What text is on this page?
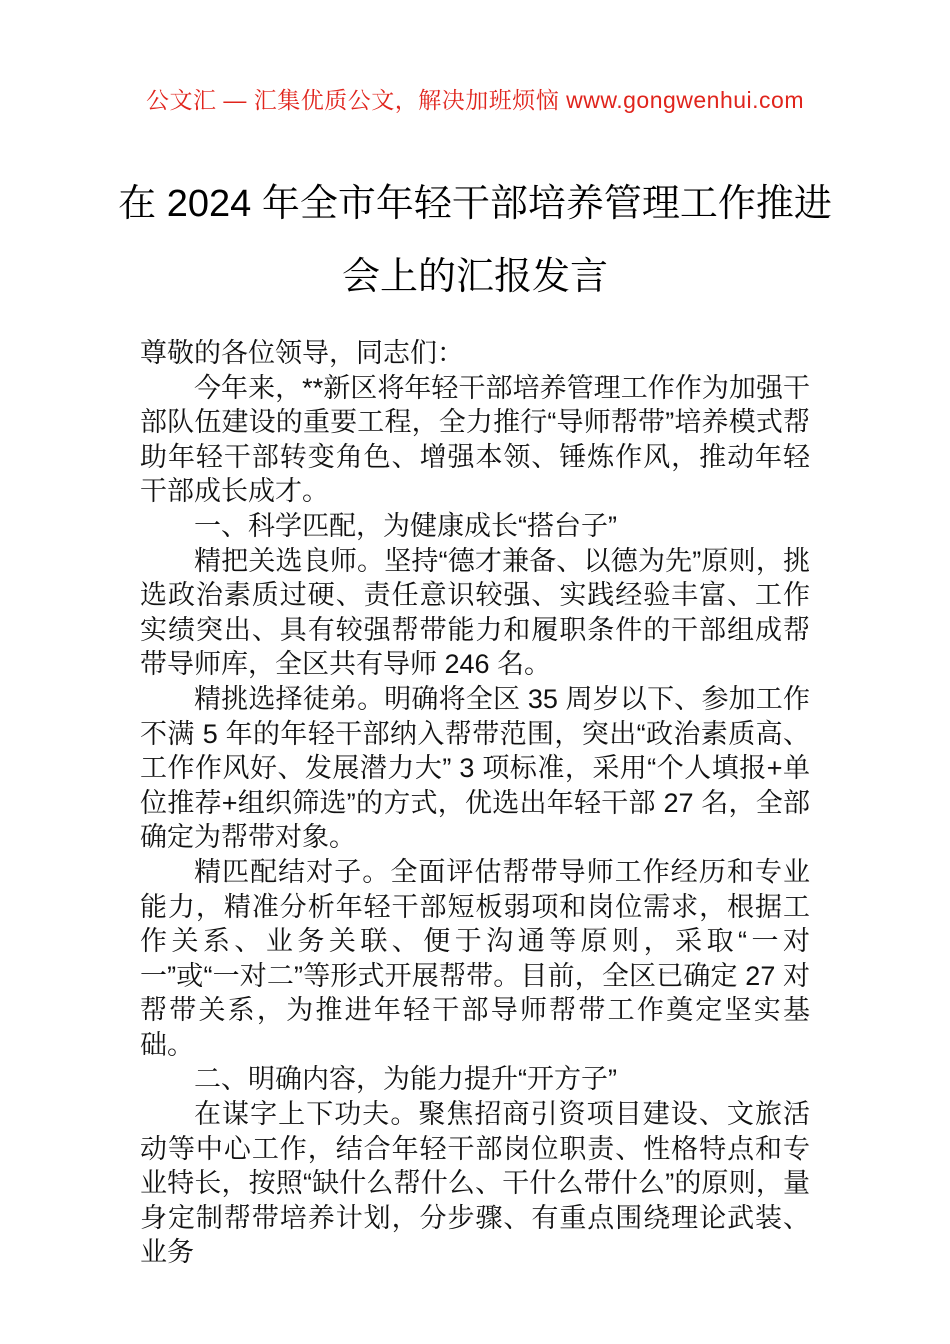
公文汇 — 汇集优质公文，解决加班烦恼 www.gongwenhui.com
在 2024 年全市年轻干部培养管理工作推进
会上的汇报发言

尊敬的各位领导，同志们：

今年来，**新区将年轻干部培养管理工作作为加强干部队伍建设的重要工程，全力推行“导师帮带”培养模式帮助年轻干部转变角色、增强本领、锤炼作风，推动年轻干部成长成才。

一、科学匹配，为健康成长“搭台子”

精把关选良师。坚持“德才兼备、以德为先”原则，挑选政治素质过硬、责任意识较强、实践经验丰富、工作实绩突出、具有较强帮带能力和履职条件的干部组成帮带导师库，全区共有导师 246 名。

精挑选择徒弟。明确将全区 35 周岁以下、参加工作不满 5 年的年轻干部纳入帮带范围，突出“政治素质高、工作作风好、发展潜力大” 3 项标准，采用“个人填报+单位推荐+组织筛选”的方式，优选出年轻干部 27 名，全部确定为帮带对象。

精匹配结对子。全面评估帮带导师工作经历和专业能力，精准分析年轻干部短板弱项和岗位需求，根据工作关系、业务关联、便于沟通等原则，采取“一对一”或“一对二”等形式开展帮带。目前，全区已确定 27 对帮带关系，为推进年轻干部导师帮带工作奠定坚实基础。

二、明确内容，为能力提升“开方子”

在谋字上下功夫。聚焦招商引资项目建设、文旅活动等中心工作，结合年轻干部岗位职责、性格特点和专业特长，按照“缺什么帮什么、干什么带什么”的原则，量身定制帮带培养计划，分步骤、有重点围绕理论武装、业务
